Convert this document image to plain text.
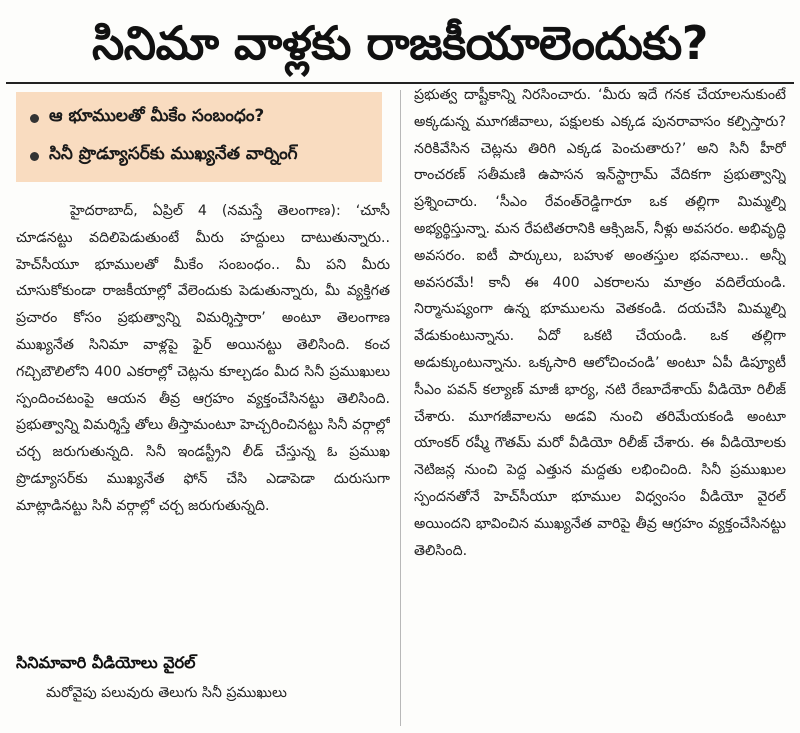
సినిమా వాళ్లకు రాజకీయాలెందుకు?
ఆ భూములతో మీకేం సంబంధం?
సినీ ప్రొడ్యూసర్‌కు ముఖ్యనేత వార్నింగ్

హైదరాబాద్, ఏప్రిల్ 4 (నమస్తే తెలంగాణ): ‘చూసీ చూడనట్టు వదిలిపెడుతుంటే మీరు హద్దులు దాటుతున్నారు.. హెచ్‌సీయూ భూములతో మీకేం సంబంధం.. మీ పని మీరు చూసుకోకుండా రాజకీయాల్లో వేలెందుకు పెడుతున్నారు, మీ వ్యక్తిగత ప్రచారం కోసం ప్రభుత్వాన్ని విమర్శిస్తారా’ అంటూ తెలంగాణ ముఖ్యనేత సినిమా వాళ్లపై ఫైర్ అయినట్టు తెలిసింది. కంచ గచ్చిబౌలిలోని 400 ఎకరాల్లో చెట్లను కూల్చడం మీద సినీ ప్రముఖులు స్పందించటంపై ఆయన తీవ్ర ఆగ్రహం వ్యక్తంచేసినట్టు తెలిసింది. ప్రభుత్వాన్ని విమర్శిస్తే తోలు తీస్తామంటూ హెచ్చరించినట్టు సినీ వర్గాల్లో చర్చ జరుగుతున్నది. సినీ ఇండస్ట్రీని లీడ్ చేస్తున్న ఓ ప్రముఖ ప్రొడ్యూసర్‌కు ముఖ్యనేత ఫోన్ చేసి ఎడాపెడా దురుసుగా మాట్లాడినట్టు సినీ వర్గాల్లో చర్చ జరుగుతున్నది.

సినిమావారి వీడియోలు వైరల్

మరోవైపు పలువురు తెలుగు సినీ ప్రముఖులు

ప్రభుత్వ దాష్టీకాన్ని నిరసించారు. ‘మీరు ఇదే గనక చేయాలనుకుంటే అక్కడున్న మూగజీవాలు, పక్షులకు ఎక్కడ పునరావాసం కల్పిస్తారు? నరికివేసిన చెట్లను తిరిగి ఎక్కడ పెంచుతారు?’ అని సినీ హీరో రాంచరణ్ సతీమణి ఉపాసన ఇన్‌స్టాగ్రామ్ వేదికగా ప్రభుత్వాన్ని ప్రశ్నించారు. ‘సీఎం రేవంత్‌రెడ్డిగారూ ఒక తల్లిగా మిమ్మల్ని అభ్యర్థిస్తున్నా. మన రేపటితరానికి ఆక్సిజన్, నీళ్లు అవసరం. అభివృద్ధి అవసరం. ఐటీ పార్కులు, బహుళ అంతస్తుల భవనాలు.. అన్నీ అవసరమే! కానీ ఈ 400 ఎకరాలను మాత్రం వదిలేయండి. నిర్మానుష్యంగా ఉన్న భూములను వెతకండి. దయచేసి మిమ్మల్ని వేడుకుంటున్నాను. ఏదో ఒకటి చేయండి. ఒక తల్లిగా అడుక్కుంటున్నాను. ఒక్కసారి ఆలోచించండి’ అంటూ ఏపీ డిప్యూటీ సీఎం పవన్ కల్యాణ్ మాజీ భార్య, నటి రేణూదేశాయ్ వీడియో రిలీజ్ చేశారు. మూగజీవాలను అడవి నుంచి తరిమేయకండి అంటూ యాంకర్ రష్మీ గౌతమ్ మరో వీడియో రిలీజ్ చేశారు. ఈ వీడియోలకు నెటిజన్ల నుంచి పెద్ద ఎత్తున మద్దతు లభించింది. సినీ ప్రముఖుల స్పందనతోనే హెచ్‌సీయూ భూముల విధ్వంసం వీడియో వైరల్ అయిందని భావించిన ముఖ్యనేత వారిపై తీవ్ర ఆగ్రహం వ్యక్తంచేసినట్టు తెలిసింది.
